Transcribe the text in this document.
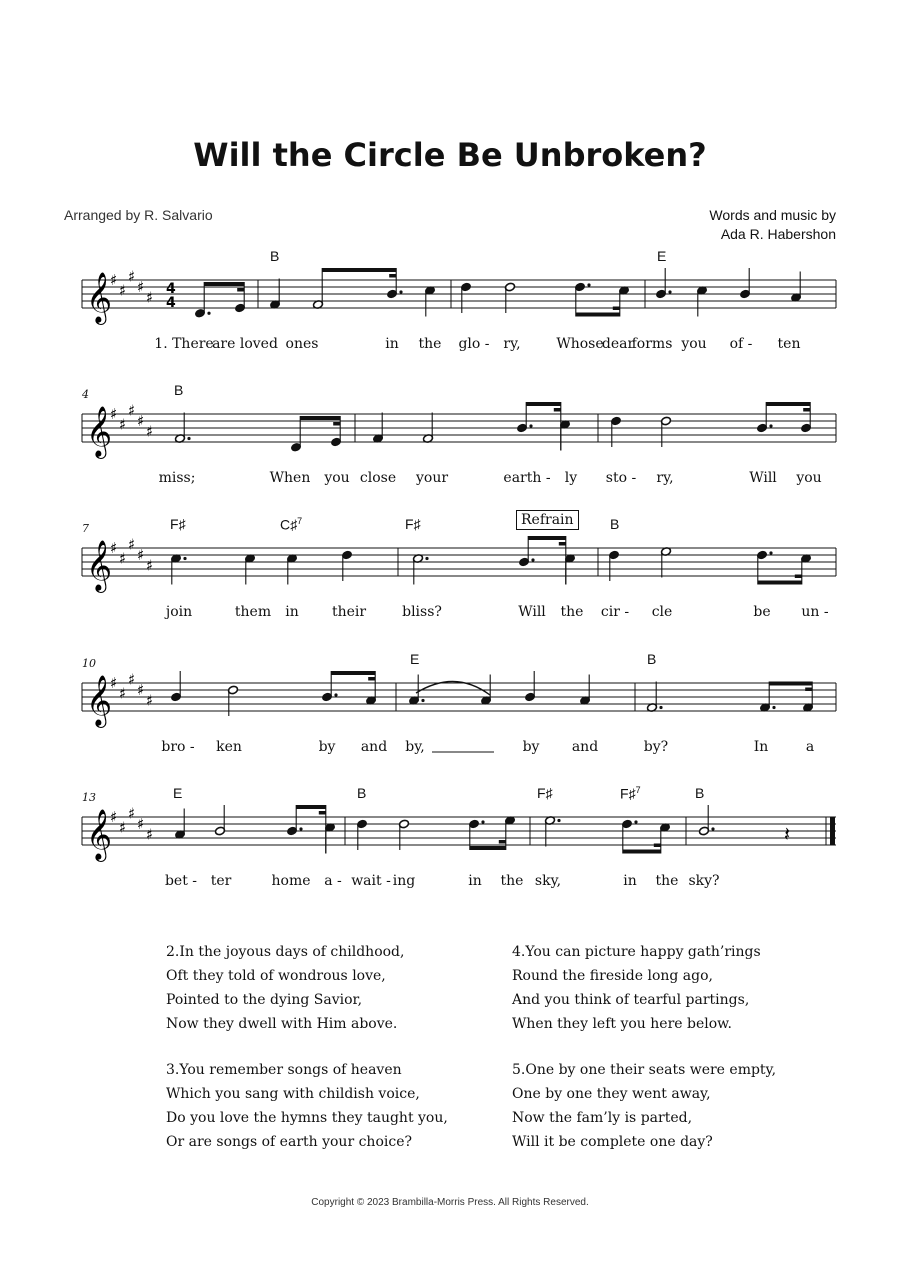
Will the Circle Be Unbroken?
Arranged by R. Salvario	Words and music by
Ada R. Habershon
𝄞
♯
♯
♯
♯
♯ 4
4
B	E
1. There
are loved ones	in the glo - ry,	Whose
dear
forms you of - ten
𝄞
♯
♯
♯
♯
♯
4	B
miss;	When you close your	earth - ly sto - ry,	Will you
𝄞
♯
♯
♯
♯
♯
7	F♯	C♯$^7$	F♯	B
join	them in their	bliss?	Will the cir - cle	be un -
Refrain
𝄞
♯
♯
♯
♯
♯
10	E	B
bro - ken	by and by,	by and	by?	In	a
𝄞
♯
♯
♯
♯
♯	𝄽
13	E	B	F♯	F♯$^7$	B
bet - ter	home a - wait - ing	in the sky,	in the sky?

2.In the joyous days of childhood,

Oft they told of wondrous love,

Pointed to the dying Savior,

Now they dwell with Him above.

3.You remember songs of heaven

Which you sang with childish voice,

Do you love the hymns they taught you,

Or are songs of earth your choice?

4.You can picture happy gath’rings

Round the fireside long ago,

And you think of tearful partings,

When they left you here below.

5.One by one their seats were empty,

One by one they went away,

Now the fam’ly is parted,

Will it be complete one day?

Copyright © 2023 Brambilla-Morris Press. All Rights Reserved.
